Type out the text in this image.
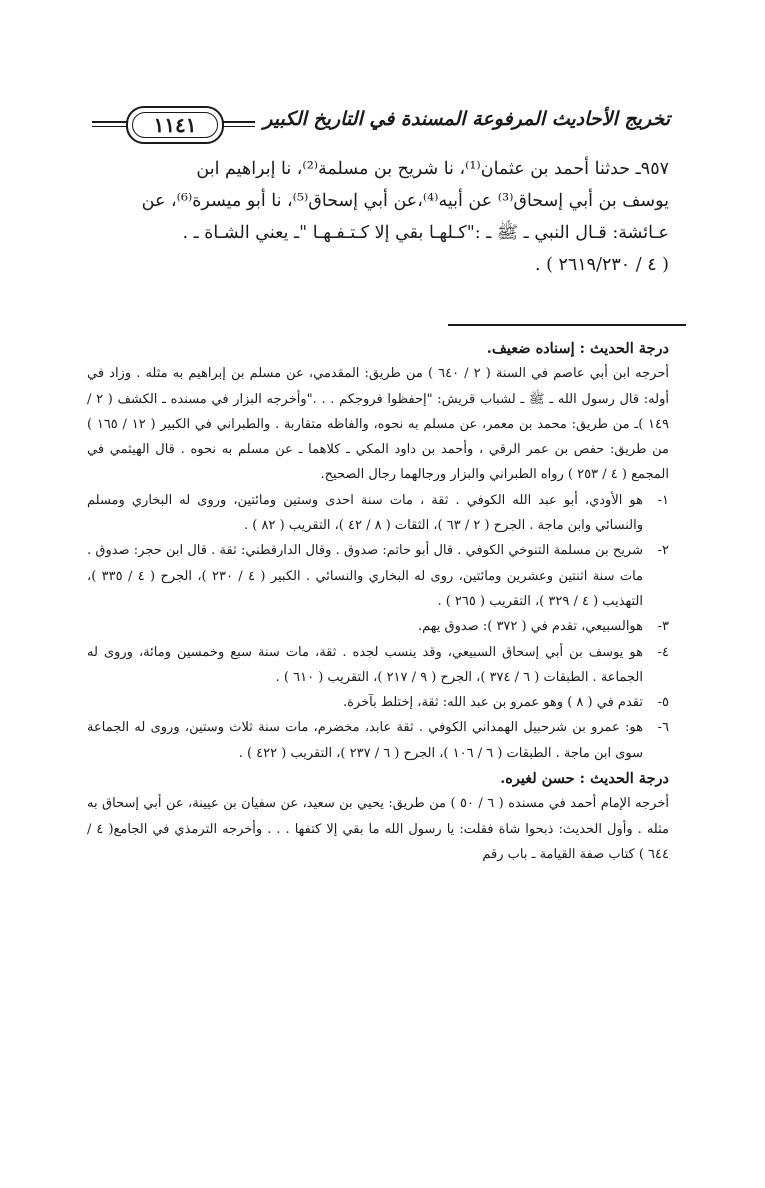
١١٤١	تخريج الأحاديث المرفوعة المسندة في التاريخ الكبير

٩٥٧ـ حدثنا أحمد بن عثمان⁽¹⁾، نا شريح بن مسلمة⁽²⁾، نا إبراهيم ابن

يوسف بن أبي إسحاق⁽³⁾ عن أبيه⁽⁴⁾،عن أبي إسحاق⁽⁵⁾، نا أبو ميسرة⁽⁶⁾، عن

عـائشة: قـال النبي ـ ﷺ ـ :"كـلهـا بقي إلا كـتـفـهـا "ـ يعني الشـاة ـ .

( ٤ / ٢٦١٩/٢٣٠ ) .

درجة الحديث : إسناده ضعيف.

أحرجه ابن أبي عاصم في السنة ( ٢ / ٦٤٠ ) من طريق: المقدمي، عن مسلم بن إبراهيم به مثله . وزاد في أوله: قال رسول الله ـ ﷺ ـ لشباب قريش: "إحفظوا فروجكم . . ."وأخرجه البزار في مسنده ـ الكشف ( ٢ / ١٤٩ )ـ من طريق: محمد بن معمر، عن مسلم به نحوه، والفاظه متقاربة . والطبراني في الكبير ( ١٢ / ١٦٥ ) من طريق: حفص بن عمر الرقي ، وأحمد بن داود المكي ـ كلاهما ـ عن مسلم به نحوه . قال الهيثمي في المجمع ( ٤ / ٢٥٣ ) رواه الطبراني والبزار ورجالهما رجال الصحيح.

١-
هو الأودي، أبو عبد الله الكوفي . ثقة ، مات سنة احدى وستين ومائتين، وروى له البخاري ومسلم والنسائي وابن ماجة . الجرح ( ٢ / ٦٣ )، الثقات ( ٨ / ٤٢ )، التقريب ( ٨٢ ) .

٢-
شريح بن مسلمة التنوخي الكوفي . قال أبو حاتم: صدوق . وقال الدارقطني: ثقة . قال ابن حجر: صدوق . مات سنة اثنتين وعشرين ومائتين، روى له البخاري والنسائي . الكبير ( ٤ / ٢٣٠ )، الجرح ( ٤ / ٣٣٥ )، التهذيب ( ٤ / ٣٢٩ )، التقريب ( ٢٦٥ ) .

٣-
هوالسبيعي، تقدم في ( ٣٧٢ ): صدوق يهم.

٤-
هو يوسف بن أبي إسحاق السبيعي، وقد ينسب لجده . ثقة، مات سنة سبع وخمسين ومائة، وروى له الجماعة . الطبقات ( ٦ / ٣٧٤ )، الجرح ( ٩ / ٢١٧ )، التقريب ( ٦١٠ ) .

٥-
تقدم في ( ٨ ) وهو عمرو بن عبد الله: ثقة، إختلط بآخرة.

٦-
هو: عمرو بن شرحبيل الهمداني الكوفي . ثقة عابد، مخضرم، مات سنة ثلاث وستين، وروى له الجماعة سوى ابن ماجة . الطبقات ( ٦ / ١٠٦ )، الجرح ( ٦ / ٢٣٧ )، التقريب ( ٤٢٢ ) .

درجة الحديث : حسن لغيره.

أخرجه الإمام أحمد في مسنده ( ٦ / ٥٠ ) من طريق: يحيي بن سعيد، عن سفيان بن عيينة، عن أبي إسحاق به مثله . وأول الحديث: ذبحوا شاة فقلت: يا رسول الله ما بقي إلا كتفها . . . وأخرجه الترمذي في الجامع( ٤ / ٦٤٤ ) كتاب صفة القيامة ـ باب رقم
